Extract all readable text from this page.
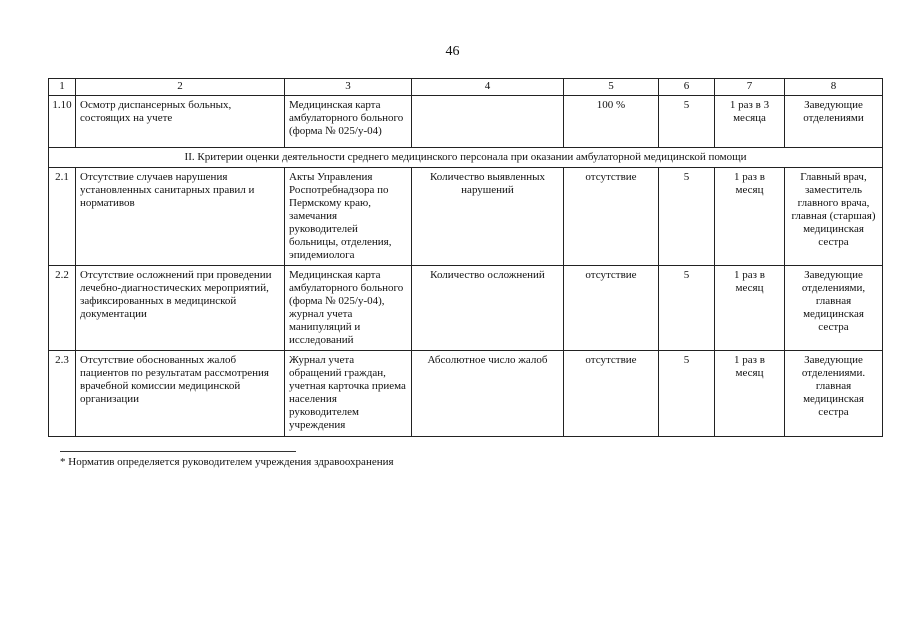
46
1	2	3	4	5	6	7	8
1.10	Осмотр диспансерных больных, состоящих на учете	Медицинская карта амбулаторного больного (форма № 025/у-04)		100 %	5	1 раз в 3 месяца	Заведующие отделениями
II. Критерии оценки деятельности среднего медицинского персонала при оказании амбулаторной медицинской помощи							
2.1	Отсутствие случаев нарушения установленных санитарных правил и нормативов	Акты Управления Роспотребнадзора по Пермскому краю, замечания руководителей больницы, отделения, эпидемиолога	Количество выявленных нарушений	отсутствие	5	1 раз в месяц	Главный врач, заместитель главного врача, главная (старшая) медицинская сестра
2.2	Отсутствие осложнений при проведении лечебно-диагностических мероприятий, зафиксированных в медицинской документации	Медицинская карта амбулаторного больного (форма № 025/у-04), журнал учета манипуляций и исследований	Количество осложнений	отсутствие	5	1 раз в месяц	Заведующие отделениями, главная медицинская сестра
2.3	Отсутствие обоснованных жалоб пациентов по результатам рассмотрения врачебной комиссии медицинской организации	Журнал учета обращений граждан, учетная карточка приема населения руководителем учреждения	Абсолютное число жалоб	отсутствие	5	1 раз в месяц	Заведующие отделениями. главная медицинская сестра
* Норматив определяется руководителем учреждения здравоохранения
